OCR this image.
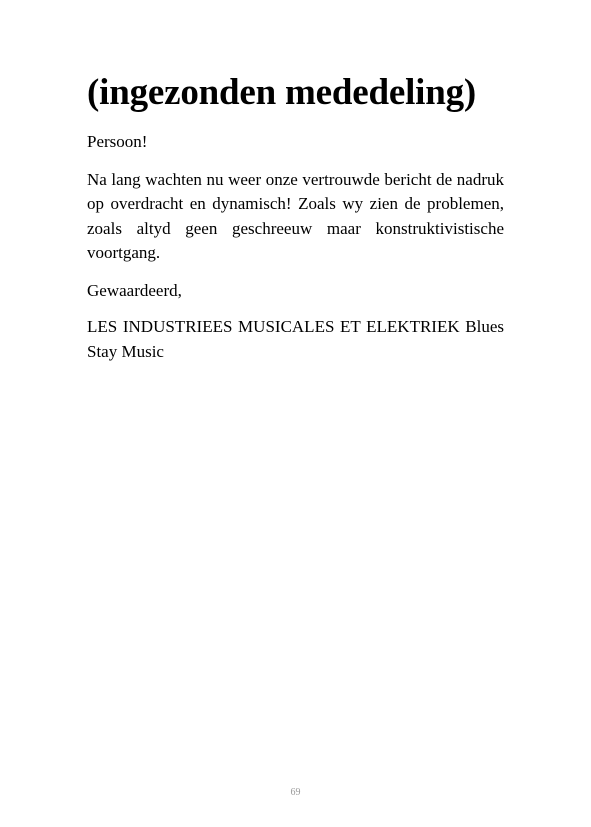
(ingezonden mededeling)

Persoon!

Na lang wachten nu weer onze vertrouwde bericht de nadruk op overdracht en dynamisch! Zoals wy zien de problemen, zoals altyd geen geschreeuw maar konstruktivistische voortgang.

Gewaardeerd,

LES INDUSTRIEES MUSICALES ET ELEKTRIEK Blues Stay Music

69
